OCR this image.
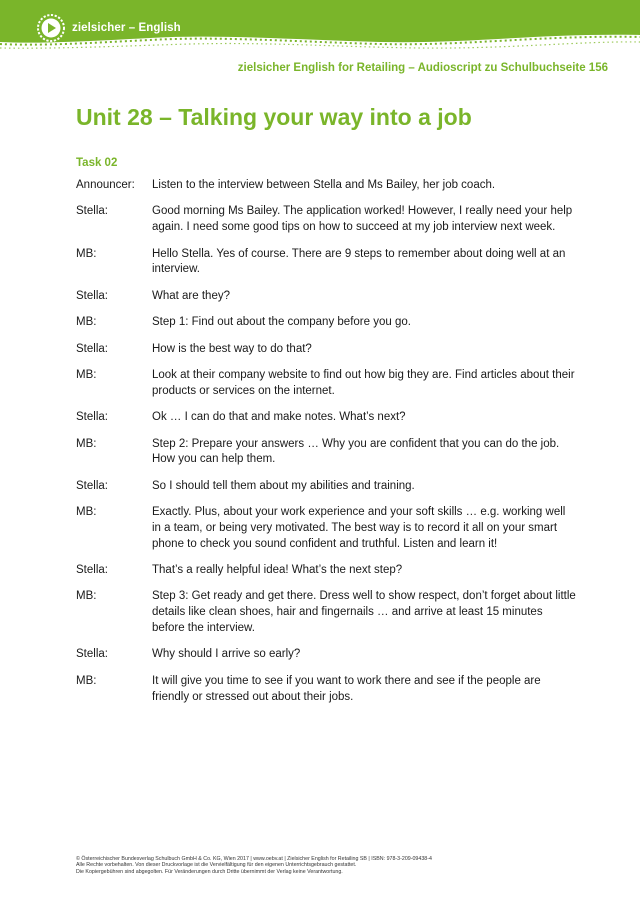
zielsicher – English
zielsicher English for Retailing – Audioscript zu Schulbuchseite 156
Unit 28 – Talking your way into a job
Task 02
Announcer:	Listen to the interview between Stella and Ms Bailey, her job coach.
Stella:	Good morning Ms Bailey. The application worked! However, I really need your help again. I need some good tips on how to succeed at my job interview next week.
MB:	Hello Stella. Yes of course. There are 9 steps to remember about doing well at an interview.
Stella:	What are they?
MB:	Step 1: Find out about the company before you go.
Stella:	How is the best way to do that?
MB:	Look at their company website to find out how big they are. Find articles about their products or services on the internet.
Stella:	Ok … I can do that and make notes. What’s next?
MB:	Step 2: Prepare your answers … Why you are confident that you can do the job. How you can help them.
Stella:	So I should tell them about my abilities and training.
MB:	Exactly. Plus, about your work experience and your soft skills … e.g. working well in a team, or being very motivated. The best way is to record it all on your smart phone to check you sound confident and truthful. Listen and learn it!
Stella:	That’s a really helpful idea! What’s the next step?
MB:	Step 3: Get ready and get there. Dress well to show respect, don’t forget about little details like clean shoes, hair and fingernails … and arrive at least 15 minutes before the interview.
Stella:	Why should I arrive so early?
MB:	It will give you time to see if you want to work there and see if the people are friendly or stressed out about their jobs.
© Österreichischer Bundesverlag Schulbuch GmbH & Co. KG, Wien 2017 | www.oebv.at | Zielsicher English for Retailing SB | ISBN: 978-3-209-09438-4
Alle Rechte vorbehalten. Von dieser Druckvorlage ist die Vervielfältigung für den eigenen Unterrichtsgebrauch gestattet.
Die Kopiergebühren sind abgegolten. Für Veränderungen durch Dritte übernimmt der Verlag keine Verantwortung.
